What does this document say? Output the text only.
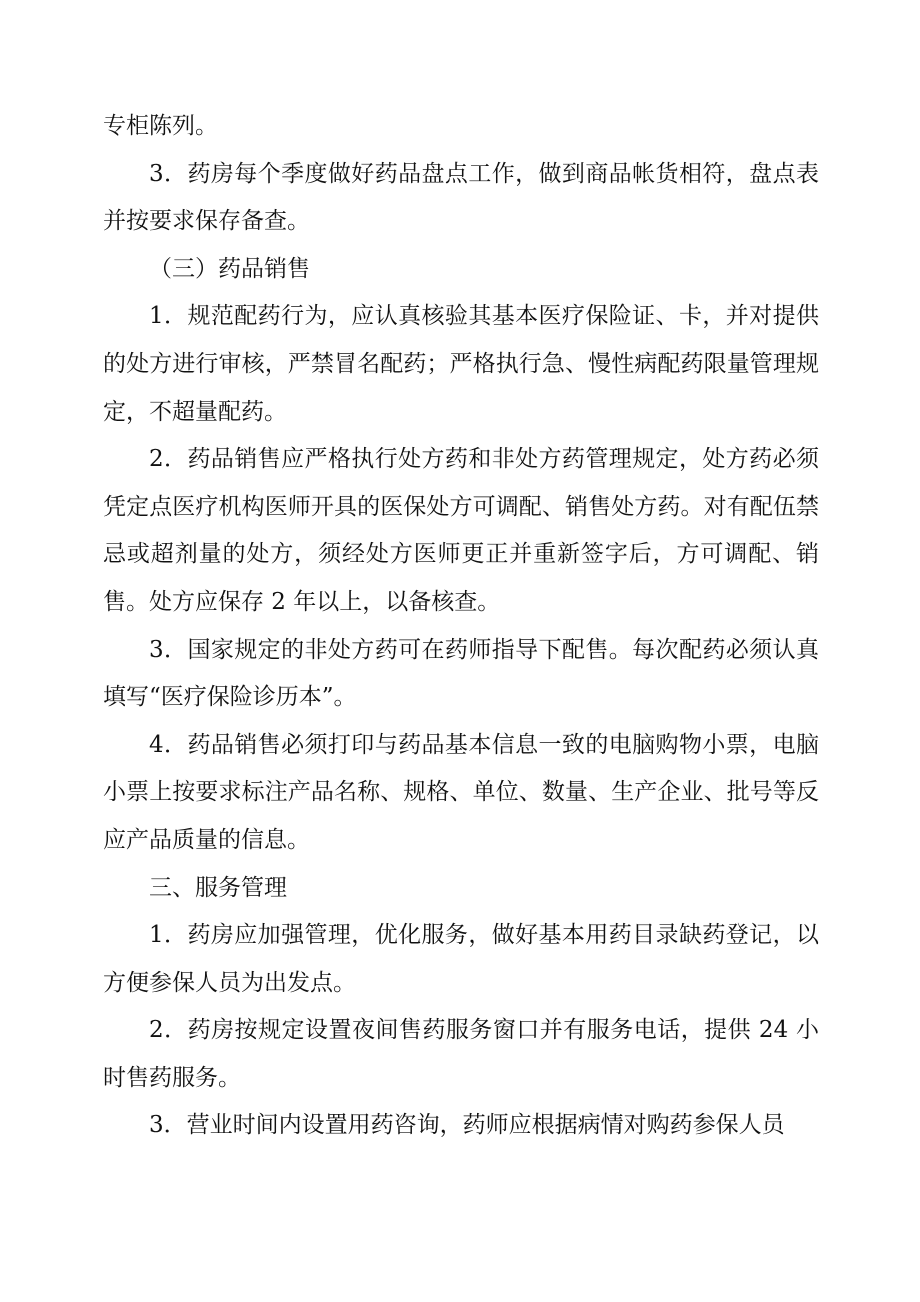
专柜陈列。

3．药房每个季度做好药品盘点工作，做到商品帐货相符，盘点表并按要求保存备查。

（三）药品销售

1．规范配药行为，应认真核验其基本医疗保险证、卡，并对提供的处方进行审核，严禁冒名配药；严格执行急、慢性病配药限量管理规定，不超量配药。

2．药品销售应严格执行处方药和非处方药管理规定，处方药必须凭定点医疗机构医师开具的医保处方可调配、销售处方药。对有配伍禁忌或超剂量的处方，须经处方医师更正并重新签字后，方可调配、销售。处方应保存 2 年以上，以备核查。

3．国家规定的非处方药可在药师指导下配售。每次配药必须认真填写“医疗保险诊历本”。

4．药品销售必须打印与药品基本信息一致的电脑购物小票，电脑小票上按要求标注产品名称、规格、单位、数量、生产企业、批号等反应产品质量的信息。

三、服务管理

1．药房应加强管理，优化服务，做好基本用药目录缺药登记，以方便参保人员为出发点。

2．药房按规定设置夜间售药服务窗口并有服务电话，提供 24 小时售药服务。

3．营业时间内设置用药咨询，药师应根据病情对购药参保人员
